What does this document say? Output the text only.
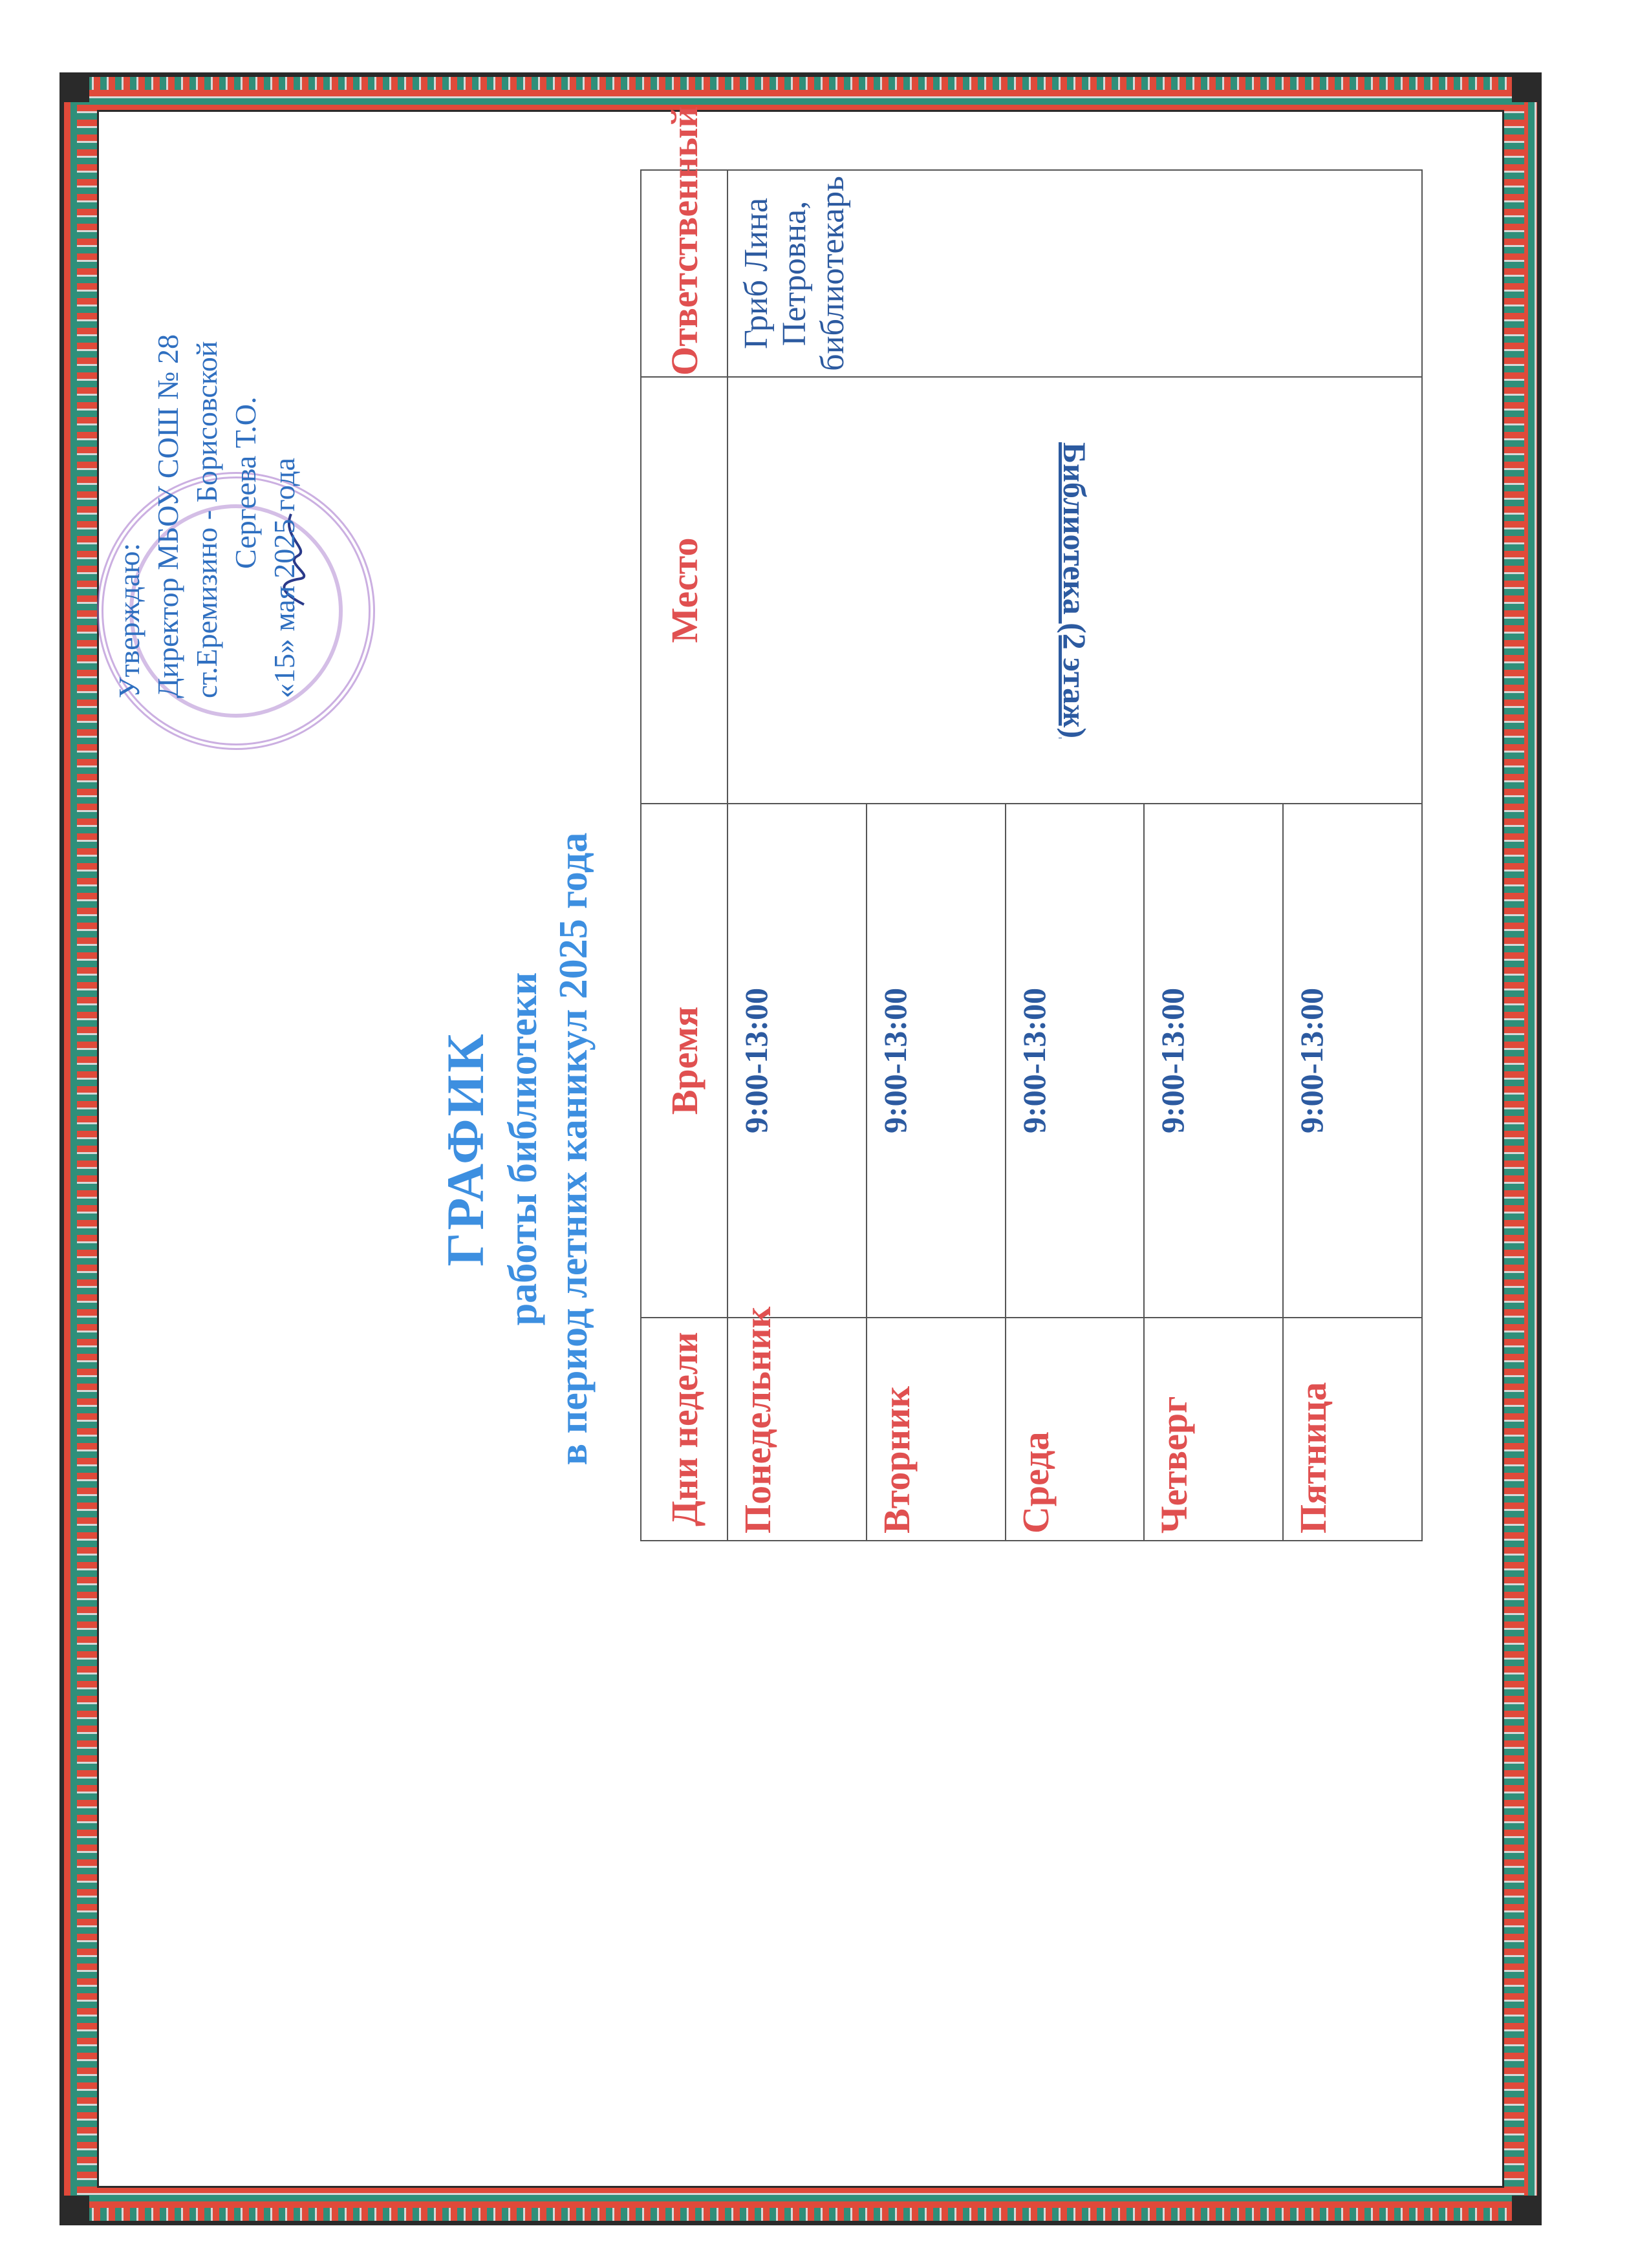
Утверждаю: Директор МБОУ СОШ № 28 ст.Еремизино - Борисовской Сергеева Т.О. «15» мая 2025 года
ГРАФИК работы библиотеки в период летних каникул 2025 года Дни недели	Время	Место	Ответственный
Понедельник	9:00-13:00	Библиотека (2 этаж)	Гриб Лина Петровна, библиотекарь
Вторник	9:00-13:00		
Среда	9:00-13:00		
Четверг	9:00-13:00		
Пятница	9:00-13:00		
